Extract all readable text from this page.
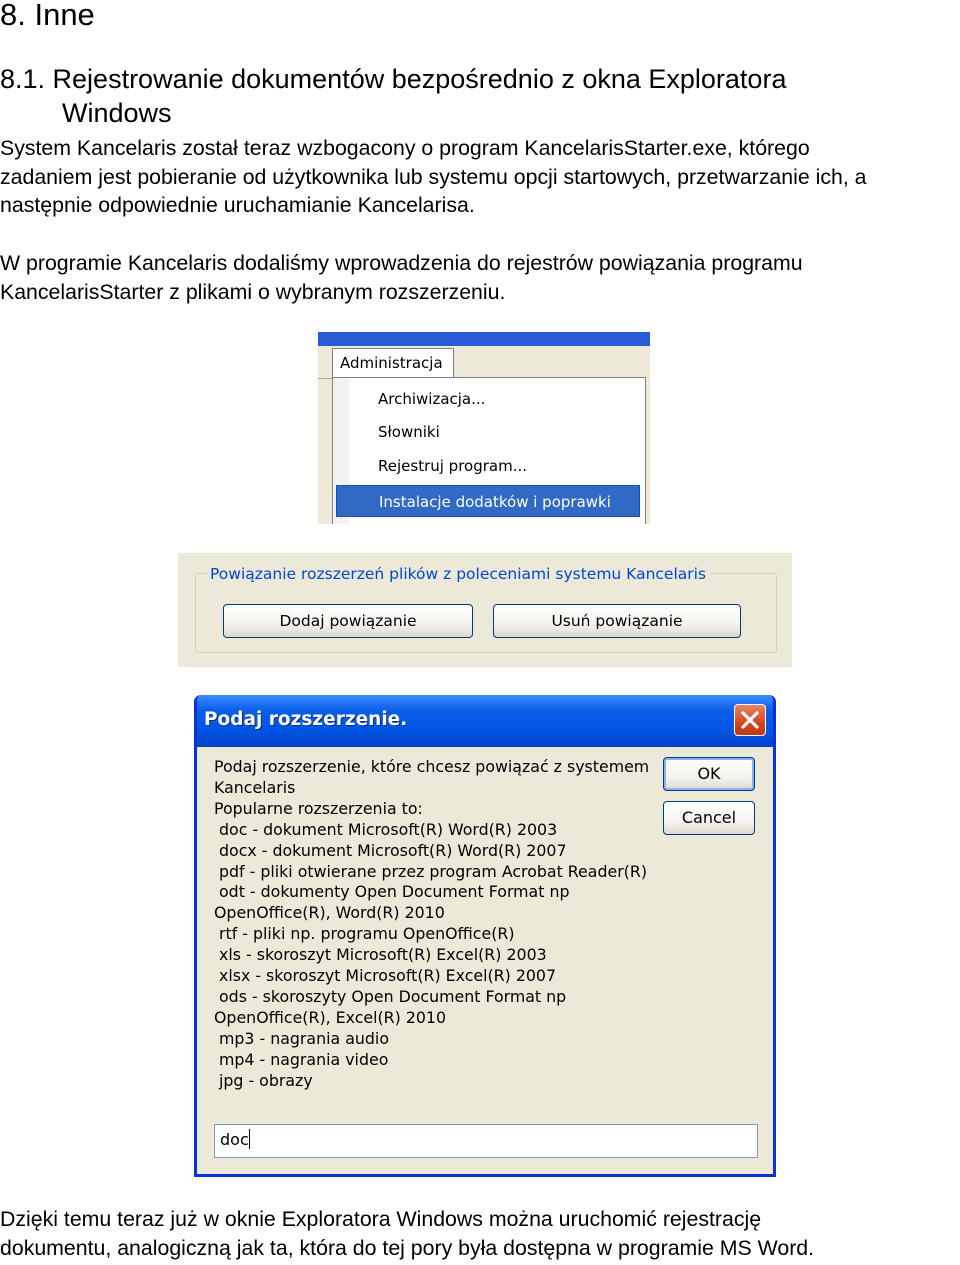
8. Inne
8.1. Rejestrowanie dokumentów bezpośrednio z okna Exploratora
Windows
System Kancelaris został teraz wzbogacony o program KancelarisStarter.exe, którego
zadaniem jest pobieranie od użytkownika lub systemu opcji startowych, przetwarzanie ich, a
następnie odpowiednie uruchamianie Kancelarisa.
W programie Kancelaris dodaliśmy wprowadzenia do rejestrów powiązania programu
KancelarisStarter z plikami o wybranym rozszerzeniu.
Administracja
Archiwizacja...
Słowniki
Rejestruj program...
Instalacje dodatków i poprawki
Powiązanie rozszerzeń plików z poleceniami systemu Kancelaris
Dodaj powiązanie	Usuń powiązanie
Podaj rozszerzenie.
Podaj rozszerzenie, które chcesz powiązać z systemem
Kancelaris
Popularne rozszerzenia to:
doc - dokument Microsoft(R) Word(R) 2003
docx - dokument Microsoft(R) Word(R) 2007
pdf - pliki otwierane przez program Acrobat Reader(R)
odt - dokumenty Open Document Format np
OpenOffice(R), Word(R) 2010
rtf - pliki np. programu OpenOffice(R)
xls - skoroszyt Microsoft(R) Excel(R) 2003
xlsx - skoroszyt Microsoft(R) Excel(R) 2007
ods - skoroszyty Open Document Format np
OpenOffice(R), Excel(R) 2010
mp3 - nagrania audio
mp4 - nagrania video
jpg - obrazy
OK
Cancel
doc
Dzięki temu teraz już w oknie Exploratora Windows można uruchomić rejestrację
dokumentu, analogiczną jak ta, która do tej pory była dostępna w programie MS Word.
